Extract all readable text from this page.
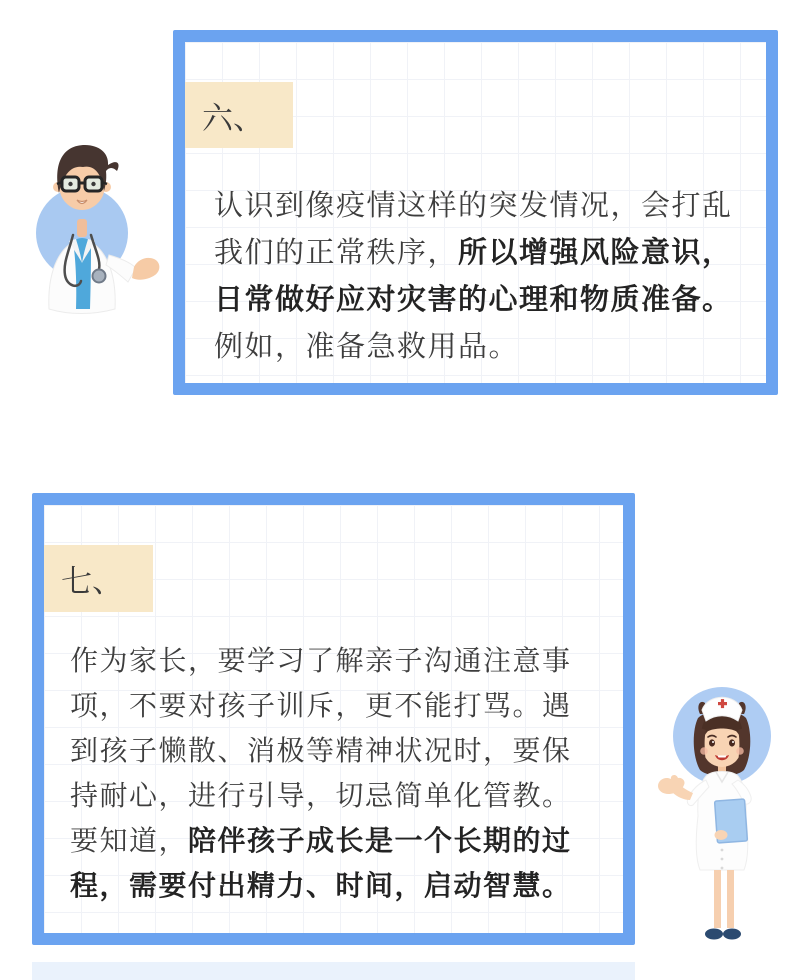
六、
认识到像疫情这样的突发情况，会打乱
我们的正常秩序，所以增强风险意识，
日常做好应对灾害的心理和物质准备。
例如，准备急救用品。
七、
作为家长，要学习了解亲子沟通注意事
项，不要对孩子训斥，更不能打骂。遇
到孩子懒散、消极等精神状况时，要保
持耐心，进行引导，切忌简单化管教。
要知道，陪伴孩子成长是一个长期的过
程，需要付出精力、时间，启动智慧。
